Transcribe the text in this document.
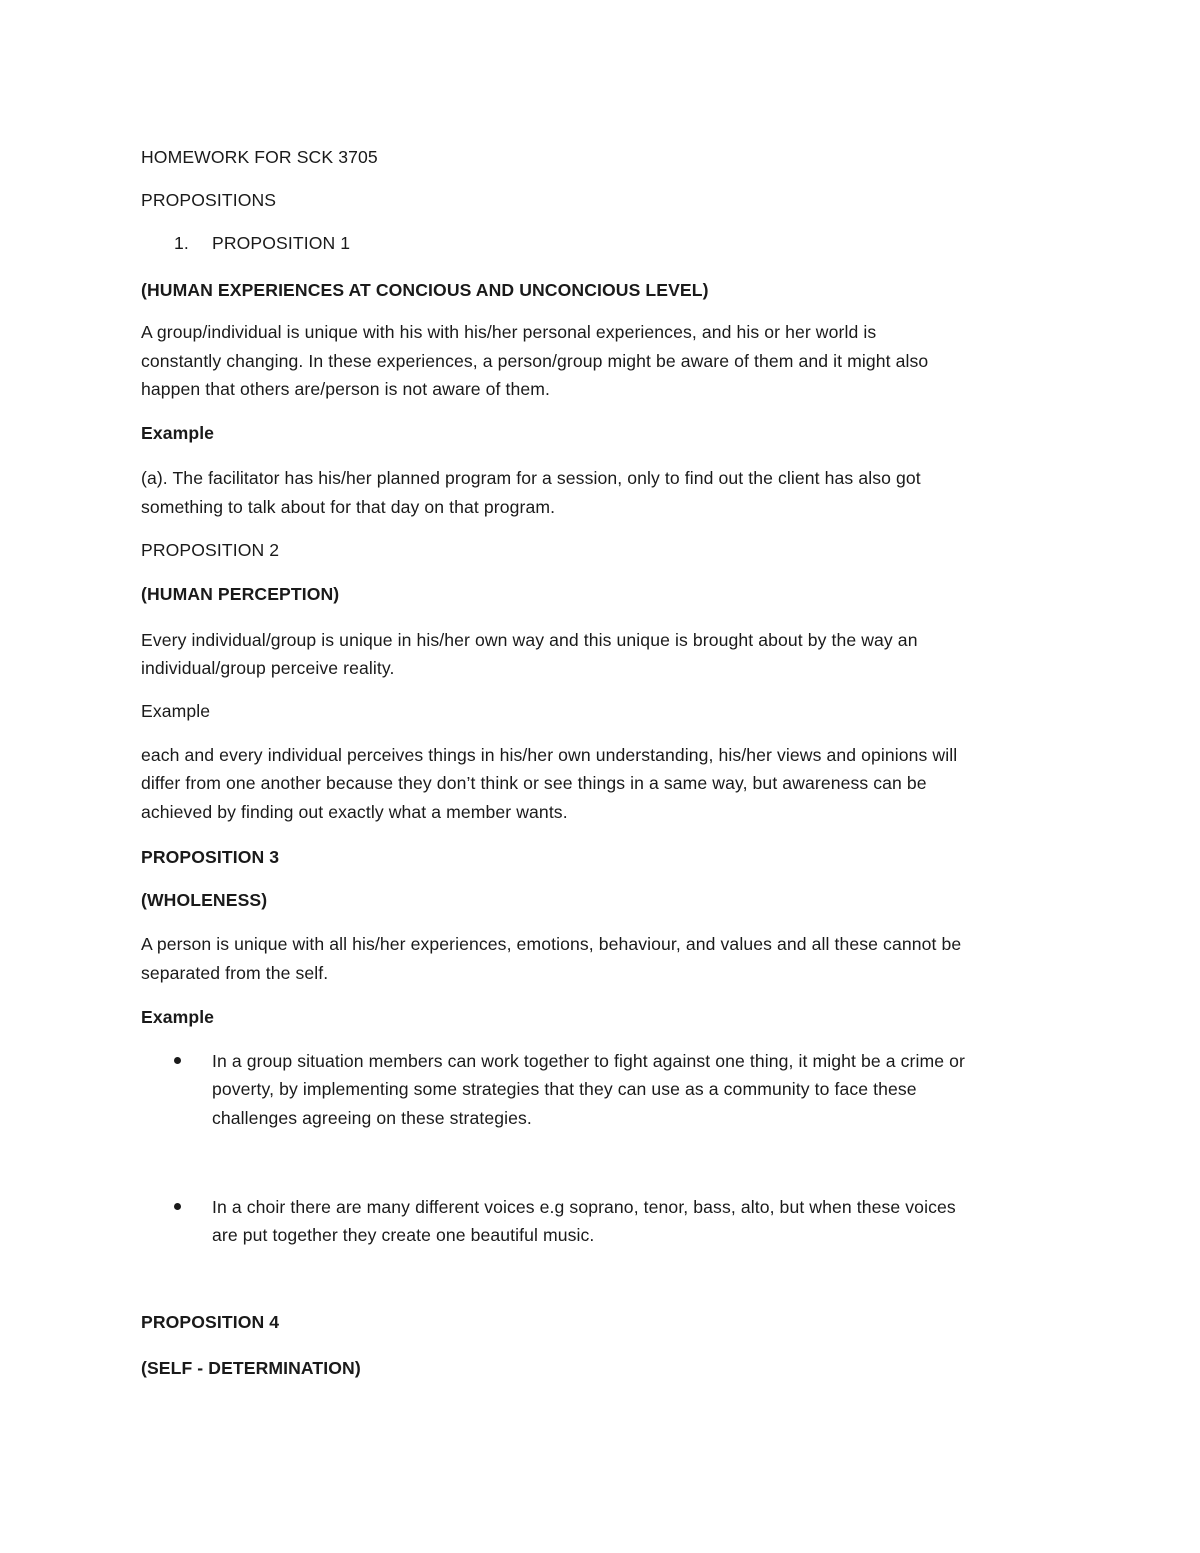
HOMEWORK FOR SCK 3705
PROPOSITIONS
1. PROPOSITION 1
(HUMAN EXPERIENCES AT CONCIOUS AND UNCONCIOUS LEVEL)
A group/individual is unique with his with his/her personal experiences, and his or her world is
constantly changing. In these experiences, a person/group might be aware of them and it might also
happen that others are/person is not aware of them.
Example
(a). The facilitator has his/her planned program for a session, only to find out the client has also got
something to talk about for that day on that program.
PROPOSITION 2
(HUMAN PERCEPTION)
Every individual/group is unique in his/her own way and this unique is brought about by the way an
individual/group perceive reality.
Example
each and every individual perceives things in his/her own understanding, his/her views and opinions will
differ from one another because they don’t think or see things in a same way, but awareness can be
achieved by finding out exactly what a member wants.
PROPOSITION 3
(WHOLENESS)
A person is unique with all his/her experiences, emotions, behaviour, and values and all these cannot be
separated from the self.
Example
In a group situation members can work together to fight against one thing, it might be a crime or
poverty, by implementing some strategies that they can use as a community to face these
challenges agreeing on these strategies.
In a choir there are many different voices e.g soprano, tenor, bass, alto, but when these voices
are put together they create one beautiful music.
PROPOSITION 4
(SELF - DETERMINATION)
